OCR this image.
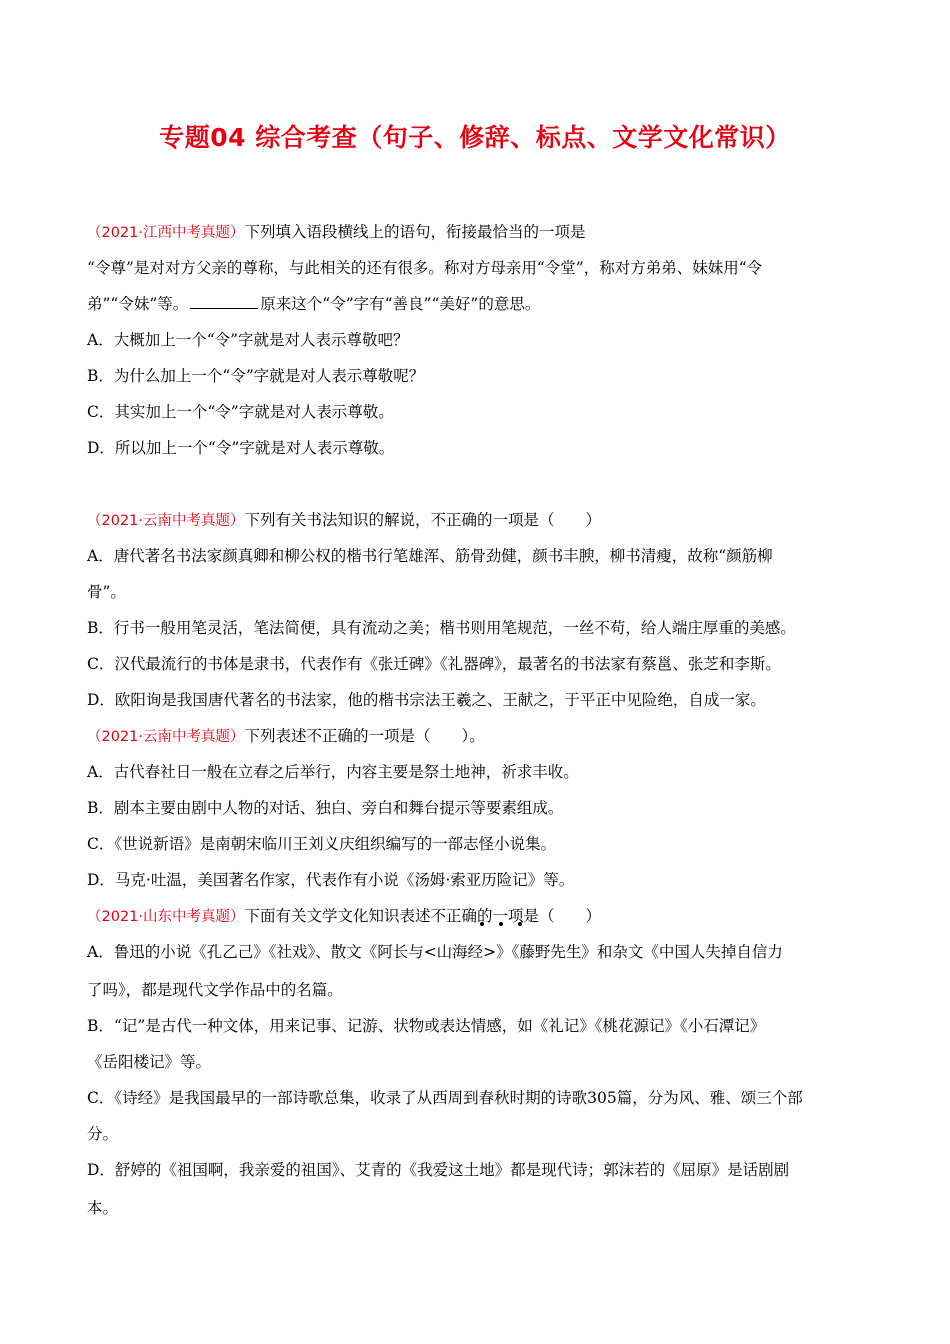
专题04 综合考查（句子、修辞、标点、文学文化常识）
（2021·江西中考真题）下列填入语段横线上的语句，衔接最恰当的一项是
“令尊”是对对方父亲的尊称，与此相关的还有很多。称对方母亲用“令堂”，称对方弟弟、妹妹用“令
弟”“令妹”等。	原来这个“令”字有“善良”“美好”的意思。
A．大概加上一个“令”字就是对人表示尊敬吧？
B．为什么加上一个“令”字就是对人表示尊敬呢？
C．其实加上一个“令”字就是对人表示尊敬。
D．所以加上一个“令”字就是对人表示尊敬。
（2021·云南中考真题）下列有关书法知识的解说，不正确的一项是（　　）
A．唐代著名书法家颜真卿和柳公权的楷书行笔雄浑、筋骨劲健，颜书丰腴，柳书清瘦，故称“颜筋柳
骨”。
B．行书一般用笔灵活，笔法简便，具有流动之美；楷书则用笔规范，一丝不苟，给人端庄厚重的美感。
C．汉代最流行的书体是隶书，代表作有《张迁碑》《礼器碑》，最著名的书法家有蔡邕、张芝和李斯。
D．欧阳询是我国唐代著名的书法家，他的楷书宗法王羲之、王献之，于平正中见险绝，自成一家。
（2021·云南中考真题）下列表述不正确的一项是（　　）。
A．古代春社日一般在立春之后举行，内容主要是祭土地神，祈求丰收。
B．剧本主要由剧中人物的对话、独白、旁白和舞台提示等要素组成。
C．《世说新语》是南朝宋临川王刘义庆组织编写的一部志怪小说集。
D．马克·吐温，美国著名作家，代表作有小说《汤姆·索亚历险记》等。
（2021·山东中考真题）下面有关文学文化知识表述不正确的一项是（　　）
A．鲁迅的小说《孔乙己》《社戏》、散文《阿长与<山海经>》《藤野先生》和杂文《中国人失掉自信力
了吗》，都是现代文学作品中的名篇。
B．“记”是古代一种文体，用来记事、记游、状物或表达情感，如《礼记》《桃花源记》《小石潭记》
《岳阳楼记》等。
C．《诗经》是我国最早的一部诗歌总集，收录了从西周到春秋时期的诗歌305篇，分为风、雅、颂三个部
分。
D．舒婷的《祖国啊，我亲爱的祖国》、艾青的《我爱这土地》都是现代诗；郭沫若的《屈原》是话剧剧
本。
